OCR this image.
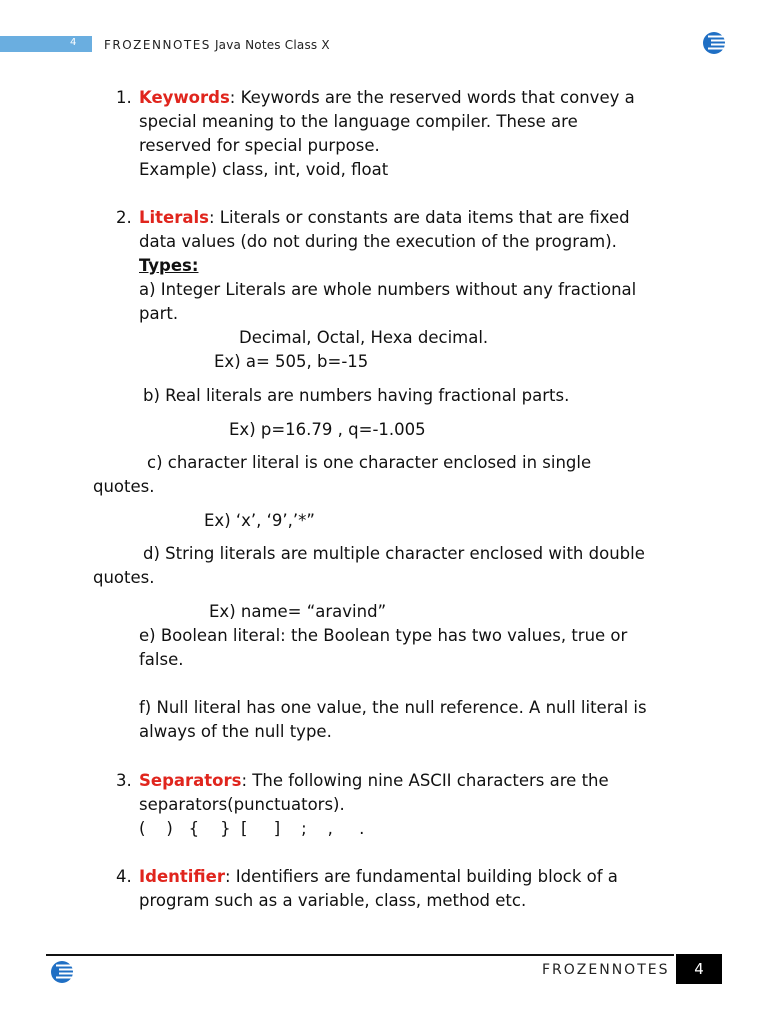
4 FROZENNOTES Java Notes Class X
1. Keywords: Keywords are the reserved words that convey a
special meaning to the language compiler. These are
reserved for special purpose.
Example) class, int, void, float
2. Literals: Literals or constants are data items that are fixed
data values (do not during the execution of the program).
Types:
a) Integer Literals are whole numbers without any fractional
part.
Decimal, Octal, Hexa decimal.
Ex) a= 505, b=-15
b) Real literals are numbers having fractional parts.
Ex) p=16.79 , q=-1.005
c) character literal is one character enclosed in single
quotes.
Ex) ‘x’, ‘9’,’*”
d) String literals are multiple character enclosed with double
quotes.
Ex) name= “aravind”
e) Boolean literal: the Boolean type has two values, true or
false.
f) Null literal has one value, the null reference. A null literal is
always of the null type.
3. Separators: The following nine ASCII characters are the
separators(punctuators).
(    )   {    }  [     ]    ;    ,     .
4. Identifier: Identifiers are fundamental building block of a
program such as a variable, class, method etc.
FROZENNOTES	4
